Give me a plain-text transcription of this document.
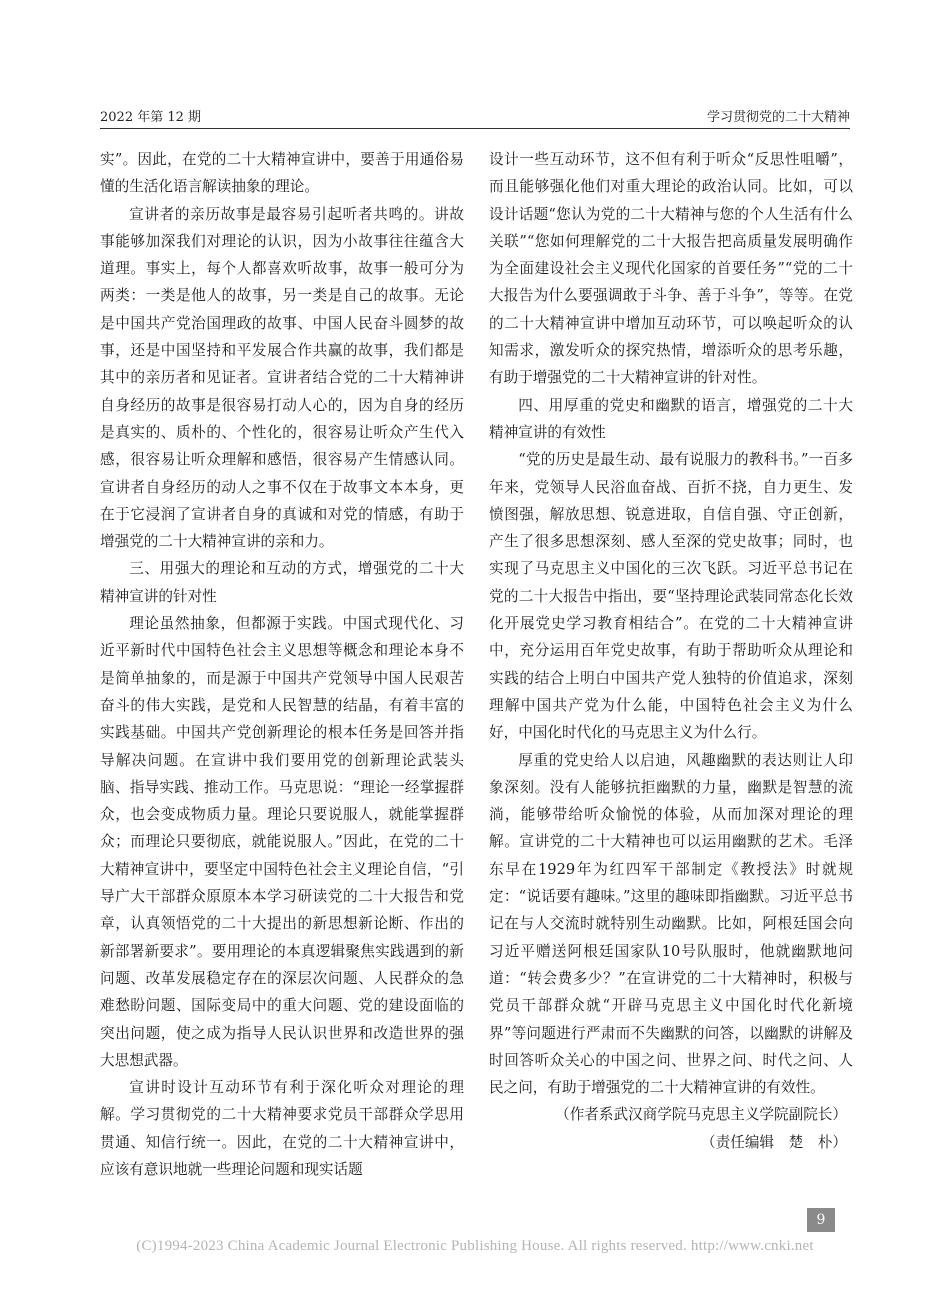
2022 年第 12 期	学习贯彻党的二十大精神

实”。因此，在党的二十大精神宣讲中，要善于用通俗易懂的生活化语言解读抽象的理论。

宣讲者的亲历故事是最容易引起听者共鸣的。讲故事能够加深我们对理论的认识，因为小故事往往蕴含大道理。事实上，每个人都喜欢听故事，故事一般可分为两类：一类是他人的故事，另一类是自己的故事。无论是中国共产党治国理政的故事、中国人民奋斗圆梦的故事，还是中国坚持和平发展合作共赢的故事，我们都是其中的亲历者和见证者。宣讲者结合党的二十大精神讲自身经历的故事是很容易打动人心的，因为自身的经历是真实的、质朴的、个性化的，很容易让听众产生代入感，很容易让听众理解和感悟，很容易产生情感认同。宣讲者自身经历的动人之事不仅在于故事文本本身，更在于它浸润了宣讲者自身的真诚和对党的情感，有助于增强党的二十大精神宣讲的亲和力。

三、用强大的理论和互动的方式，增强党的二十大精神宣讲的针对性

理论虽然抽象，但都源于实践。中国式现代化、习近平新时代中国特色社会主义思想等概念和理论本身不是简单抽象的，而是源于中国共产党领导中国人民艰苦奋斗的伟大实践，是党和人民智慧的结晶，有着丰富的实践基础。中国共产党创新理论的根本任务是回答并指导解决问题。在宣讲中我们要用党的创新理论武装头脑、指导实践、推动工作。马克思说：“理论一经掌握群众，也会变成物质力量。理论只要说服人，就能掌握群众；而理论只要彻底，就能说服人。”因此，在党的二十大精神宣讲中，要坚定中国特色社会主义理论自信，“引导广大干部群众原原本本学习研读党的二十大报告和党章，认真领悟党的二十大提出的新思想新论断、作出的新部署新要求”。要用理论的本真逻辑聚焦实践遇到的新问题、改革发展稳定存在的深层次问题、人民群众的急难愁盼问题、国际变局中的重大问题、党的建设面临的突出问题，使之成为指导人民认识世界和改造世界的强大思想武器。

宣讲时设计互动环节有利于深化听众对理论的理解。学习贯彻党的二十大精神要求党员干部群众学思用贯通、知信行统一。因此，在党的二十大精神宣讲中，应该有意识地就一些理论问题和现实话题

设计一些互动环节，这不但有利于听众“反思性咀嚼”，而且能够强化他们对重大理论的政治认同。比如，可以设计话题“您认为党的二十大精神与您的个人生活有什么关联”“您如何理解党的二十大报告把高质量发展明确作为全面建设社会主义现代化国家的首要任务”“党的二十大报告为什么要强调敢于斗争、善于斗争”，等等。在党的二十大精神宣讲中增加互动环节，可以唤起听众的认知需求，激发听众的探究热情，增添听众的思考乐趣，有助于增强党的二十大精神宣讲的针对性。

四、用厚重的党史和幽默的语言，增强党的二十大精神宣讲的有效性

“党的历史是最生动、最有说服力的教科书。”一百多年来，党领导人民浴血奋战、百折不挠，自力更生、发愤图强，解放思想、锐意进取，自信自强、守正创新，产生了很多思想深刻、感人至深的党史故事；同时，也实现了马克思主义中国化的三次飞跃。习近平总书记在党的二十大报告中指出，要“坚持理论武装同常态化长效化开展党史学习教育相结合”。在党的二十大精神宣讲中，充分运用百年党史故事，有助于帮助听众从理论和实践的结合上明白中国共产党人独特的价值追求，深刻理解中国共产党为什么能，中国特色社会主义为什么好，中国化时代化的马克思主义为什么行。

厚重的党史给人以启迪，风趣幽默的表达则让人印象深刻。没有人能够抗拒幽默的力量，幽默是智慧的流淌，能够带给听众愉悦的体验，从而加深对理论的理解。宣讲党的二十大精神也可以运用幽默的艺术。毛泽东早在1929年为红四军干部制定《教授法》时就规定：“说话要有趣味。”这里的趣味即指幽默。习近平总书记在与人交流时就特别生动幽默。比如，阿根廷国会向习近平赠送阿根廷国家队10号队服时，他就幽默地问道：“转会费多少？”在宣讲党的二十大精神时，积极与党员干部群众就“开辟马克思主义中国化时代化新境界”等问题进行严肃而不失幽默的问答，以幽默的讲解及时回答听众关心的中国之问、世界之问、时代之问、人民之问，有助于增强党的二十大精神宣讲的有效性。

（作者系武汉商学院马克思主义学院副院长）

（责任编辑　楚　朴）

9
(C)1994-2023 China Academic Journal Electronic Publishing House. All rights reserved. http://www.cnki.net
